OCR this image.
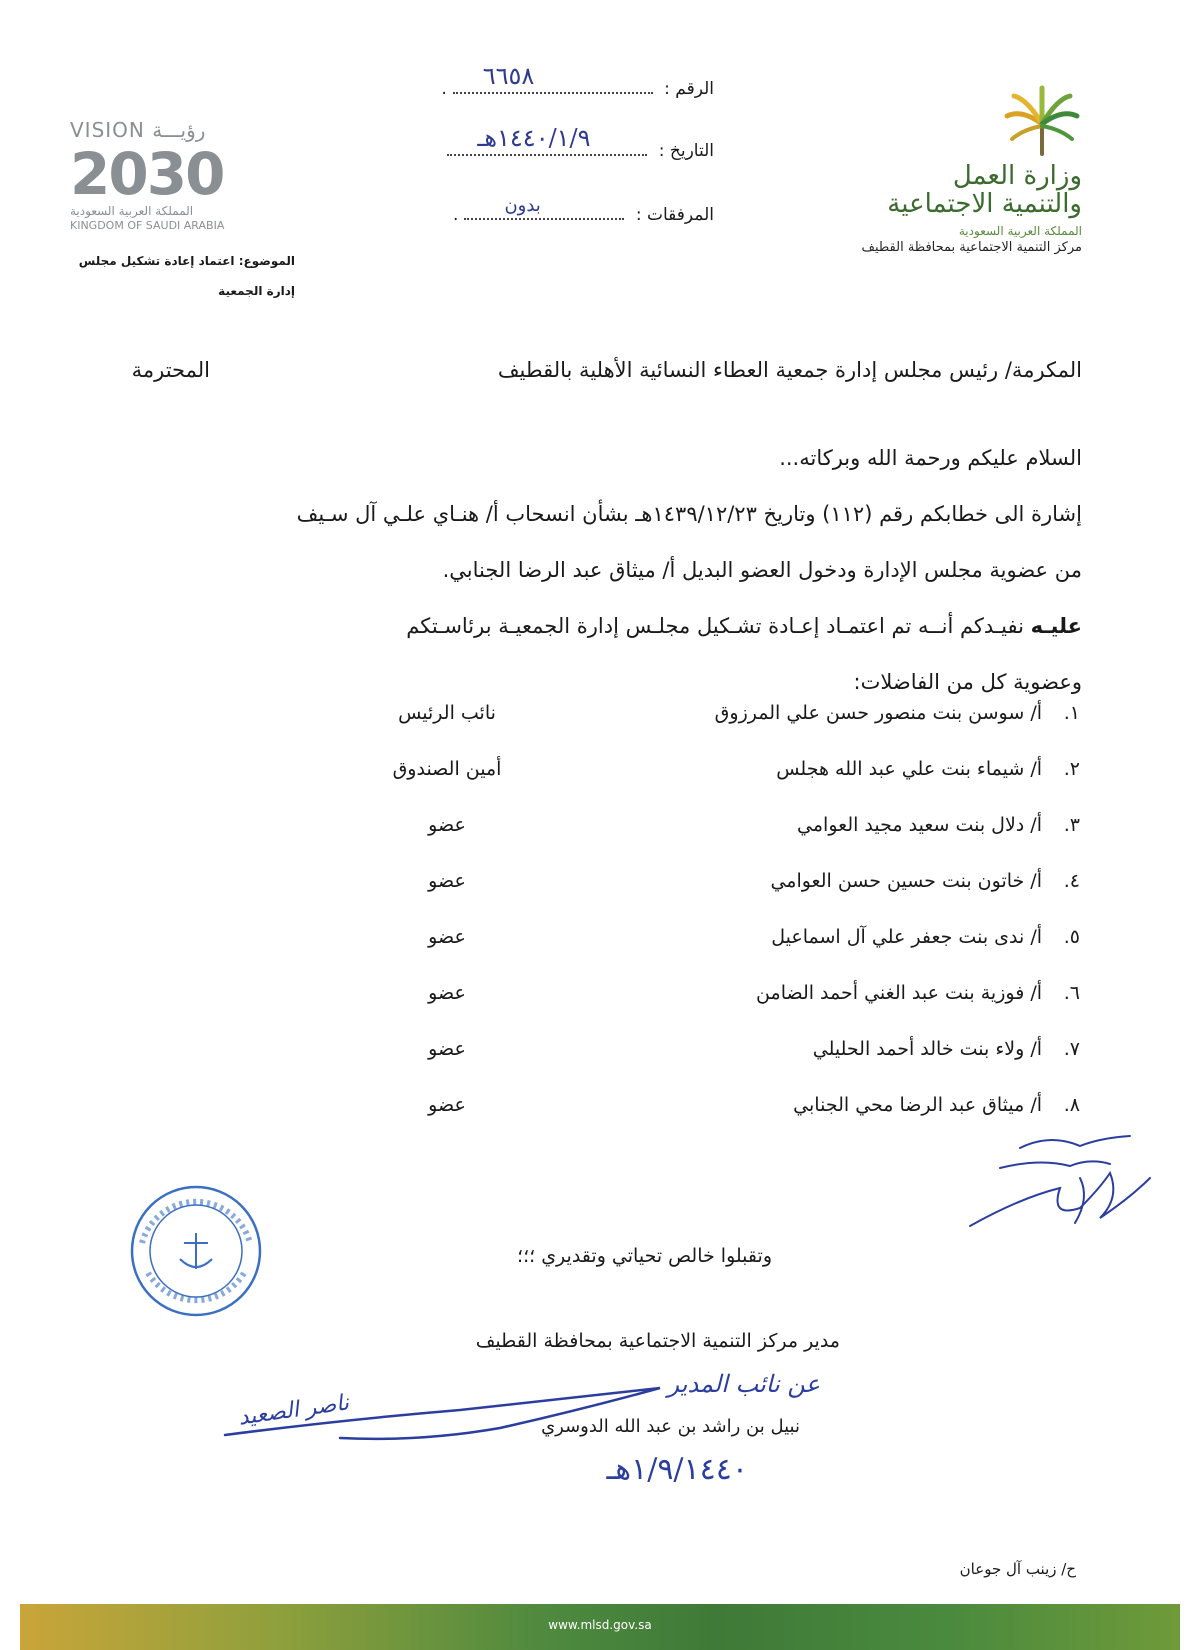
وزارة العمل
والتنمية الاجتماعية
المملكة العربية السعودية
مركز التنمية الاجتماعية بمحافظة القطيف
VISION رؤيـــة
2030
المملكة العربية السعودية
KINGDOM OF SAUDI ARABIA
الرقم :
٦٦٥٨
.
التاريخ :
١٤٤٠/١/٩هـ
المرفقات :
بدون
.
الموضوع: اعتماد إعادة تشكيل مجلس
إدارة الجمعية
المكرمة/ رئيس مجلس إدارة جمعية العطاء النسائية الأهلية بالقطيف
المحترمة
السلام عليكم ورحمة الله وبركاته...
إشارة الى خطابكم رقم (١١٢) وتاريخ ١٤٣٩/١٢/٢٣هـ بشأن انسحاب أ/ هنـاي علـي آل سـيف
من عضوية مجلس الإدارة ودخول العضو البديل أ/ ميثاق عبد الرضا الجنابي.
عليـه نفيـدكم أنــه تم اعتمـاد إعـادة تشـكيل مجلـس إدارة الجمعيـة برئاسـتكم
وعضوية كل من الفاضلات:
١.
أ/ سوسن بنت منصور حسن علي المرزوق
نائب الرئيس
٢.
أ/ شيماء بنت علي عبد الله هجلس
أمين الصندوق
٣.
أ/ دلال بنت سعيد مجيد العوامي
عضو
٤.
أ/ خاتون بنت حسين حسن العوامي
عضو
٥.
أ/ ندى بنت جعفر علي آل اسماعيل
عضو
٦.
أ/ فوزية بنت عبد الغني أحمد الضامن
عضو
٧.
أ/ ولاء بنت خالد أحمد الحليلي
عضو
٨.
أ/ ميثاق عبد الرضا محي الجنابي
عضو
وتقبلوا خالص تحياتي وتقديري ؛؛؛
مدير مركز التنمية الاجتماعية بمحافظة القطيف
عن نائب المدير
ناصر الصعيد	نبيل بن راشد بن عبد الله الدوسري
١/٩/١٤٤٠هـ
ح/ زينب آل جوعان
www.mlsd.gov.sa
